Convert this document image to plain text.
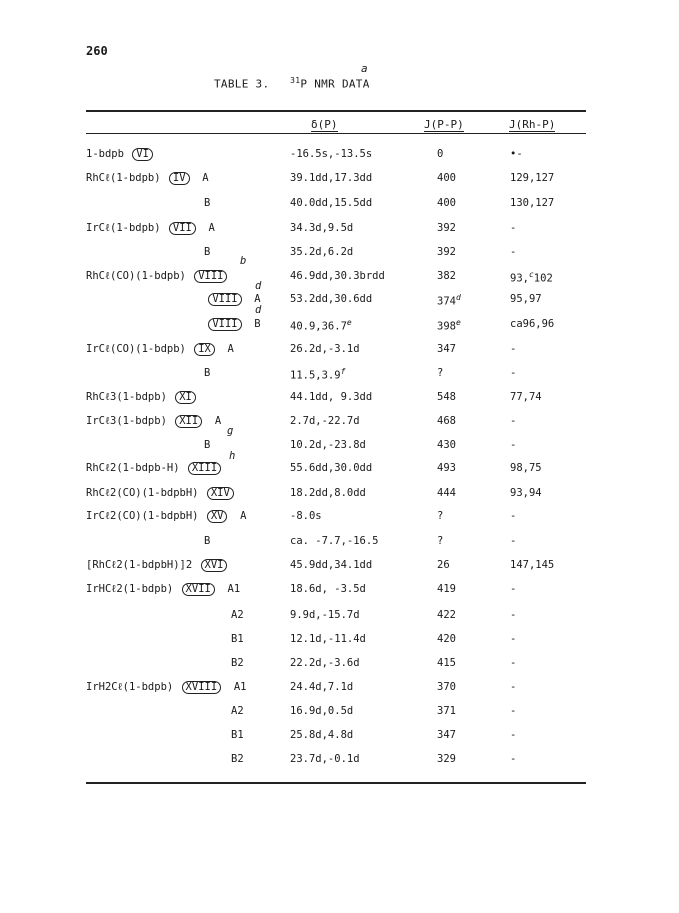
260
TABLE 3.	$^{31}$P NMR DATA
a
δ(P)	J(P-P)	J(Rh-P)
1-bdpb VI	-16.5s,-13.5s	0	•-
RhCℓ(1-bdpb) IV A	39.1dd,17.3dd	400	129,127
B	40.0dd,15.5dd	400	130,127
IrCℓ(1-bdpb) VII A	34.3d,9.5d	392	-
B	35.2d,6.2d	392	-
RhCℓ(CO)(1-bdpb) VIII	46.9dd,30.3brdd	382	93,$^c$102
VIII A	53.2dd,30.6dd	374$^d$	95,97
VIII B	40.9,36.7e	398e	ca96,96
IrCℓ(CO)(1-bdpb) IX A	26.2d,-3.1d	347	-
B	11.5,3.9$^f$	?	-
RhCℓ3(1-bdpb) XI	44.1dd, 9.3dd	548	77,74
IrCℓ3(1-bdpb) XII A	2.7d,-22.7d	468	-
B	10.2d,-23.8d	430	-
RhCℓ2(1-bdpb-H) XIII	55.6dd,30.0dd	493	98,75
RhCℓ2(CO)(1-bdpbH) XIV	18.2dd,8.0dd	444	93,94
IrCℓ2(CO)(1-bdpbH) XV A	-8.0s	?	-
B	ca. -7.7,-16.5	?	-
[RhCℓ2(1-bdpbH)]2 XVI	45.9dd,34.1dd	26	147,145
IrHCℓ2(1-bdpb) XVII A1	18.6d, -3.5d	419	-
A2	9.9d,-15.7d	422	-
B1	12.1d,-11.4d	420	-
B2	22.2d,-3.6d	415	-
IrH2Cℓ(1-bdpb) XVIII A1	24.4d,7.1d	370	-
A2	16.9d,0.5d	371	-
B1	25.8d,4.8d	347	-
B2	23.7d,-0.1d	329	-
b
d
d
g
h
